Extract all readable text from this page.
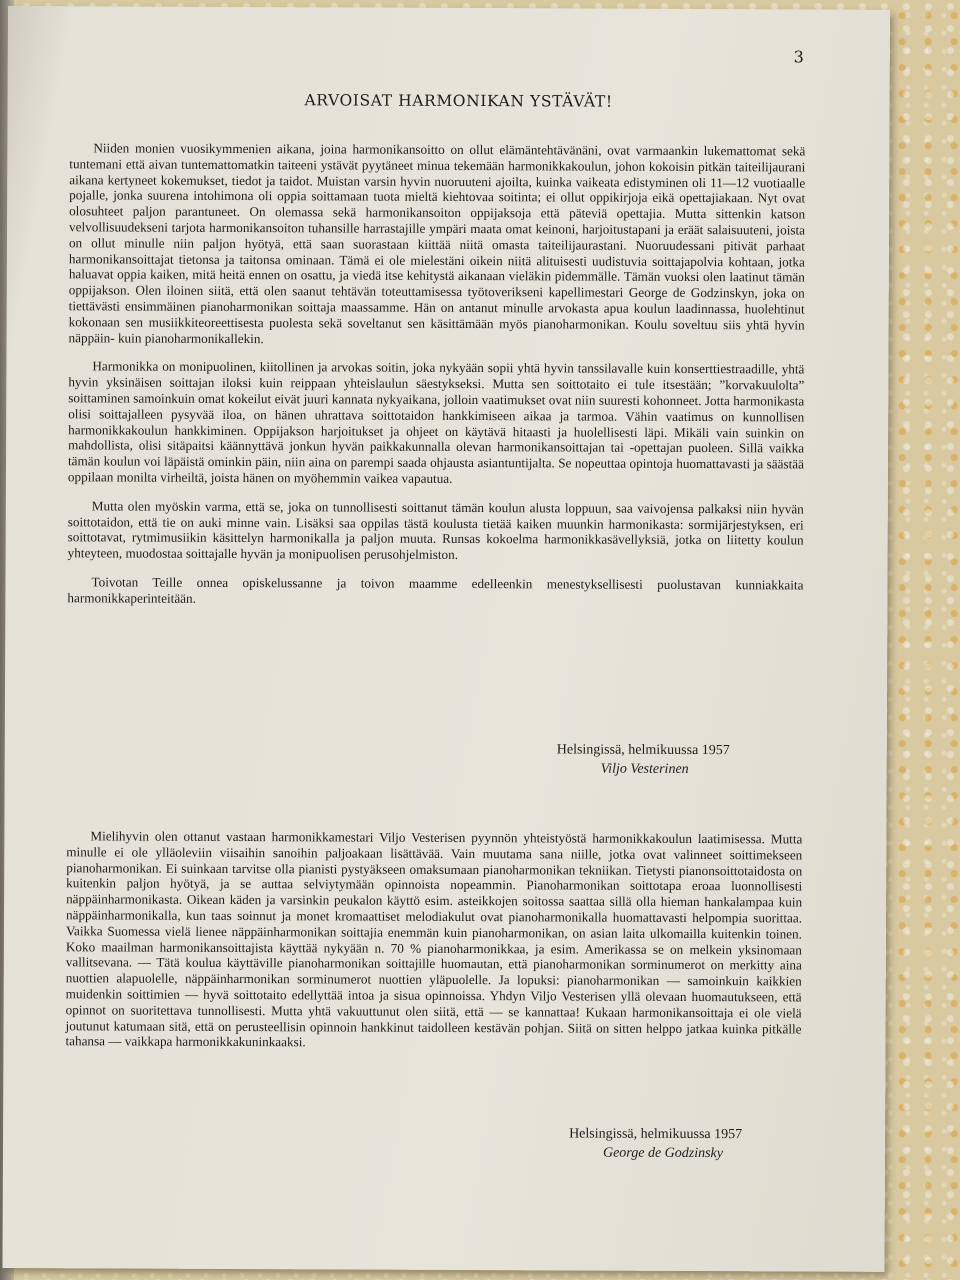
3
ARVOISAT HARMONIKAN YSTÄVÄT!

Niiden monien vuosikymmenien aikana, joina harmonikansoitto on ollut elämäntehtävänäni, ovat varmaankin lukemattomat sekä tuntemani että aivan tuntemattomatkin taiteeni ystävät pyytäneet minua tekemään harmonikkakoulun, johon kokoisin pitkän taiteilijaurani aikana kertyneet kokemukset, tiedot ja taidot. Muistan varsin hyvin nuoruuteni ajoilta, kuinka vaikeata edistyminen oli 11—12 vuotiaalle pojalle, jonka suurena intohimona oli oppia soittamaan tuota mieltä kiehtovaa soitinta; ei ollut oppikirjoja eikä opettajiakaan. Nyt ovat olosuhteet paljon parantuneet. On olemassa sekä harmonikansoiton oppijaksoja että päteviä opettajia. Mutta sittenkin katson velvollisuudekseni tarjota harmonikansoiton tuhansille harrastajille ympäri maata omat keinoni, harjoitustapani ja eräät salaisuuteni, joista on ollut minulle niin paljon hyötyä, että saan suorastaan kiittää niitä omasta taiteilijaurastani. Nuoruudessani pitivät parhaat harmonikansoittajat tietonsa ja taitonsa ominaan. Tämä ei ole mielestäni oikein niitä alituisesti uudistuvia soittajapolvia kohtaan, jotka haluavat oppia kaiken, mitä heitä ennen on osattu, ja viedä itse kehitystä aikanaan vieläkin pidemmälle. Tämän vuoksi olen laatinut tämän oppijakson. Olen iloinen siitä, että olen saanut tehtävän toteuttamisessa työtoverikseni kapellimestari George de Godzinskyn, joka on tiettävästi ensimmäinen pianoharmonikan soittaja maassamme. Hän on antanut minulle arvokasta apua koulun laadinnassa, huolehtinut kokonaan sen musiikkiteoreettisesta puolesta sekä soveltanut sen käsittämään myös pianoharmonikan. Koulu soveltuu siis yhtä hyvin näppäin- kuin pianoharmonikallekin.

Harmonikka on monipuolinen, kiitollinen ja arvokas soitin, joka nykyään sopii yhtä hyvin tanssilavalle kuin konserttiestraadille, yhtä hyvin yksinäisen soittajan iloksi kuin reippaan yhteislaulun säestykseksi. Mutta sen soittotaito ei tule itsestään; ”korvakuulolta” soittaminen samoinkuin omat kokeilut eivät juuri kannata nykyaikana, jolloin vaatimukset ovat niin suuresti kohonneet. Jotta harmonikasta olisi soittajalleen pysyvää iloa, on hänen uhrattava soittotaidon hankkimiseen aikaa ja tarmoa. Vähin vaatimus on kunnollisen harmonikkakoulun hankkiminen. Oppijakson harjoitukset ja ohjeet on käytävä hitaasti ja huolellisesti läpi. Mikäli vain suinkin on mahdollista, olisi sitäpaitsi käännyttävä jonkun hyvän paikkakunnalla olevan harmonikansoittajan tai -opettajan puoleen. Sillä vaikka tämän koulun voi läpäistä ominkin päin, niin aina on parempi saada ohjausta asiantuntijalta. Se nopeuttaa opintoja huomattavasti ja säästää oppilaan monilta virheiltä, joista hänen on myöhemmin vaikea vapautua.

Mutta olen myöskin varma, että se, joka on tunnollisesti soittanut tämän koulun alusta loppuun, saa vaivojensa palkaksi niin hyvän soittotaidon, että tie on auki minne vain. Lisäksi saa oppilas tästä koulusta tietää kaiken muunkin harmonikasta: sormijärjestyksen, eri soittotavat, rytmimusiikin käsittelyn harmonikalla ja paljon muuta. Runsas kokoelma harmonikkasävellyksiä, jotka on liitetty koulun yhteyteen, muodostaa soittajalle hyvän ja monipuolisen perusohjelmiston.

Toivotan Teille onnea opiskelussanne ja toivon maamme edelleenkin menestyksellisesti puolustavan kunniakkaita harmonikkaperinteitään.

Helsingissä, helmikuussa 1957
Viljo Vesterinen

Mielihyvin olen ottanut vastaan harmonikkamestari Viljo Vesterisen pyynnön yhteistyöstä harmonikkakoulun laatimisessa. Mutta minulle ei ole ylläoleviin viisaihin sanoihin paljoakaan lisättävää. Vain muutama sana niille, jotka ovat valinneet soittimekseen pianoharmonikan. Ei suinkaan tarvitse olla pianisti pystyäkseen omaksumaan pianoharmonikan tekniikan. Tietysti pianonsoittotaidosta on kuitenkin paljon hyötyä, ja se auttaa selviytymään opinnoista nopeammin. Pianoharmonikan soittotapa eroaa luonnollisesti näppäinharmonikasta. Oikean käden ja varsinkin peukalon käyttö esim. asteikkojen soitossa saattaa sillä olla hieman hankalampaa kuin näppäinharmonikalla, kun taas soinnut ja monet kromaattiset melodiakulut ovat pianoharmonikalla huomattavasti helpompia suorittaa. Vaikka Suomessa vielä lienee näppäinharmonikan soittajia enemmän kuin pianoharmonikan, on asian laita ulkomailla kuitenkin toinen. Koko maailman harmonikansoittajista käyttää nykyään n. 70 % pianoharmonikkaa, ja esim. Amerikassa se on melkein yksinomaan vallitsevana. — Tätä koulua käyttäville pianoharmonikan soittajille huomautan, että pianoharmonikan sorminumerot on merkitty aina nuottien alapuolelle, näppäinharmonikan sorminumerot nuottien yläpuolelle. Ja lopuksi: pianoharmonikan — samoinkuin kaikkien muidenkin soittimien — hyvä soittotaito edellyttää intoa ja sisua opinnoissa. Yhdyn Viljo Vesterisen yllä olevaan huomautukseen, että opinnot on suoritettava tunnollisesti. Mutta yhtä vakuuttunut olen siitä, että — se kannattaa! Kukaan harmonikansoittaja ei ole vielä joutunut katumaan sitä, että on perusteellisin opinnoin hankkinut taidolleen kestävän pohjan. Siitä on sitten helppo jatkaa kuinka pitkälle tahansa — vaikkapa harmonikkakuninkaaksi.

Helsingissä, helmikuussa 1957
George de Godzinsky
